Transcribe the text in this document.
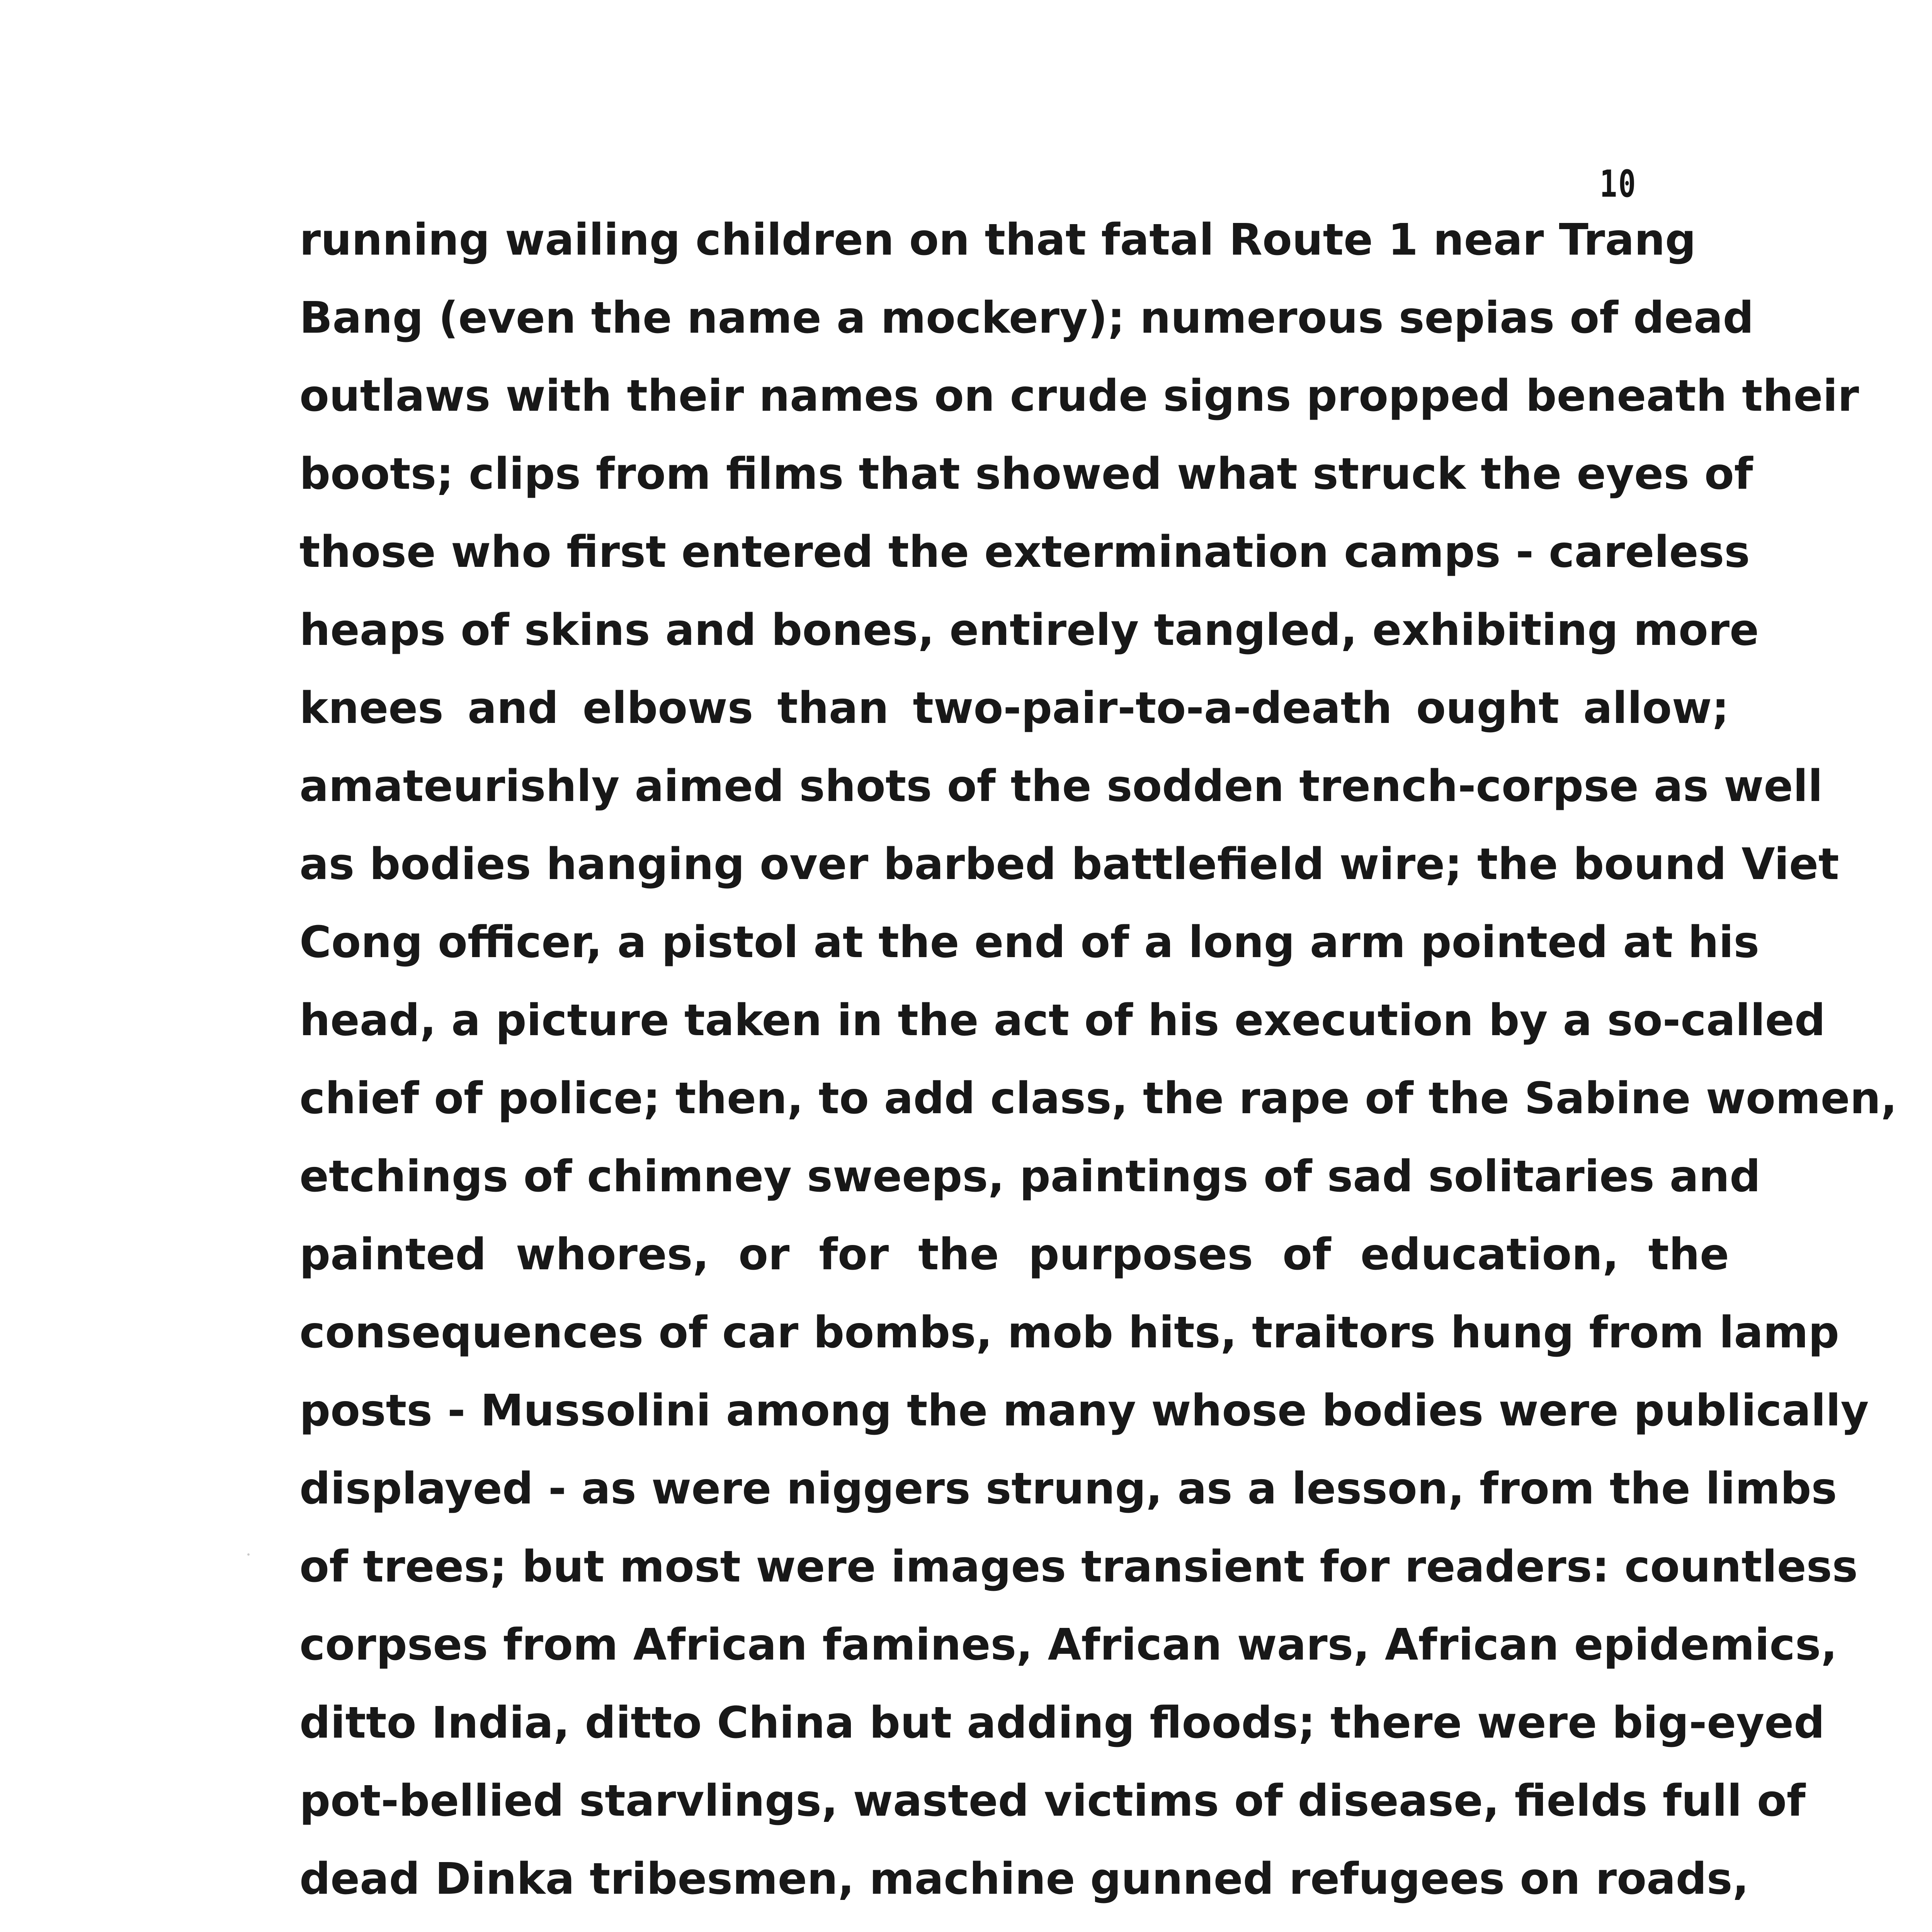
10
running wailing children on that fatal Route 1 near Trang
Bang (even the name a mockery); numerous sepias of dead
outlaws with their names on crude signs propped beneath their
boots; clips from films that showed what struck the eyes of
those who first entered the extermination camps - careless
heaps of skins and bones, entirely tangled, exhibiting more
knees and elbows than two-pair-to-a-death ought allow;
amateurishly aimed shots of the sodden trench-corpse as well
as bodies hanging over barbed battlefield wire; the bound Viet
Cong officer, a pistol at the end of a long arm pointed at his
head, a picture taken in the act of his execution by a so-called
chief of police; then, to add class, the rape of the Sabine women,
etchings of chimney sweeps, paintings of sad solitaries and
painted whores, or for the purposes of education, the
consequences of car bombs, mob hits, traitors hung from lamp
posts - Mussolini among the many whose bodies were publically
displayed - as were niggers strung, as a lesson, from the limbs
of trees; but most were images transient for readers: countless
corpses from African famines, African wars, African epidemics,
ditto India, ditto China but adding floods; there were big-eyed
pot-bellied starvlings, wasted victims of disease, fields full of
dead Dinka tribesmen, machine gunned refugees on roads,
